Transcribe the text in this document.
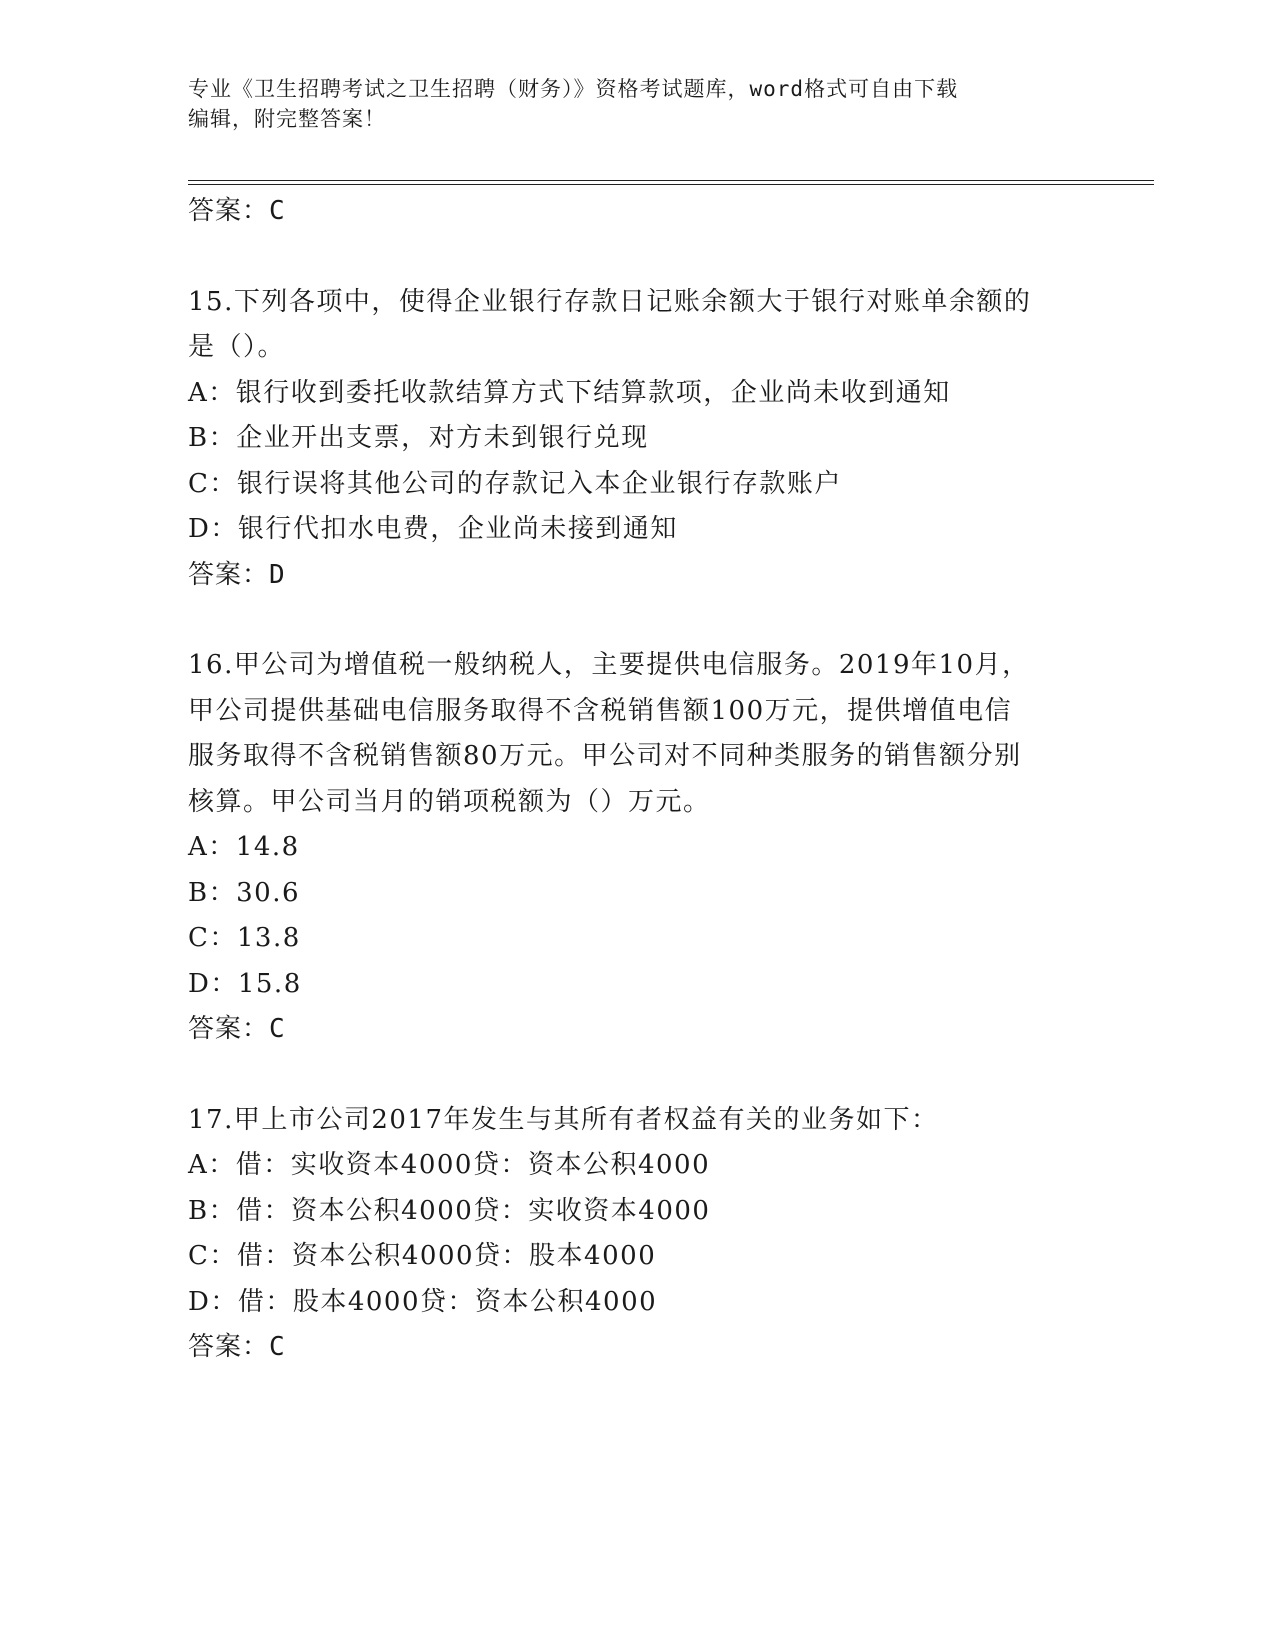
专业《卫生招聘考试之卫生招聘（财务）》资格考试题库，word格式可自由下载
编辑，附完整答案！
答案：C
15.下列各项中，使得企业银行存款日记账余额大于银行对账单余额的
是（）。
A：银行收到委托收款结算方式下结算款项，企业尚未收到通知
B：企业开出支票，对方未到银行兑现
C：银行误将其他公司的存款记入本企业银行存款账户
D：银行代扣水电费，企业尚未接到通知
答案：D
16.甲公司为增值税一般纳税人，主要提供电信服务。2019年10月，
甲公司提供基础电信服务取得不含税销售额100万元，提供增值电信
服务取得不含税销售额80万元。甲公司对不同种类服务的销售额分别
核算。甲公司当月的销项税额为（）万元。
A：14.8
B：30.6
C：13.8
D：15.8
答案：C
17.甲上市公司2017年发生与其所有者权益有关的业务如下：
A：借：实收资本4000贷：资本公积4000
B：借：资本公积4000贷：实收资本4000
C：借：资本公积4000贷：股本4000
D：借：股本4000贷：资本公积4000
答案：C
